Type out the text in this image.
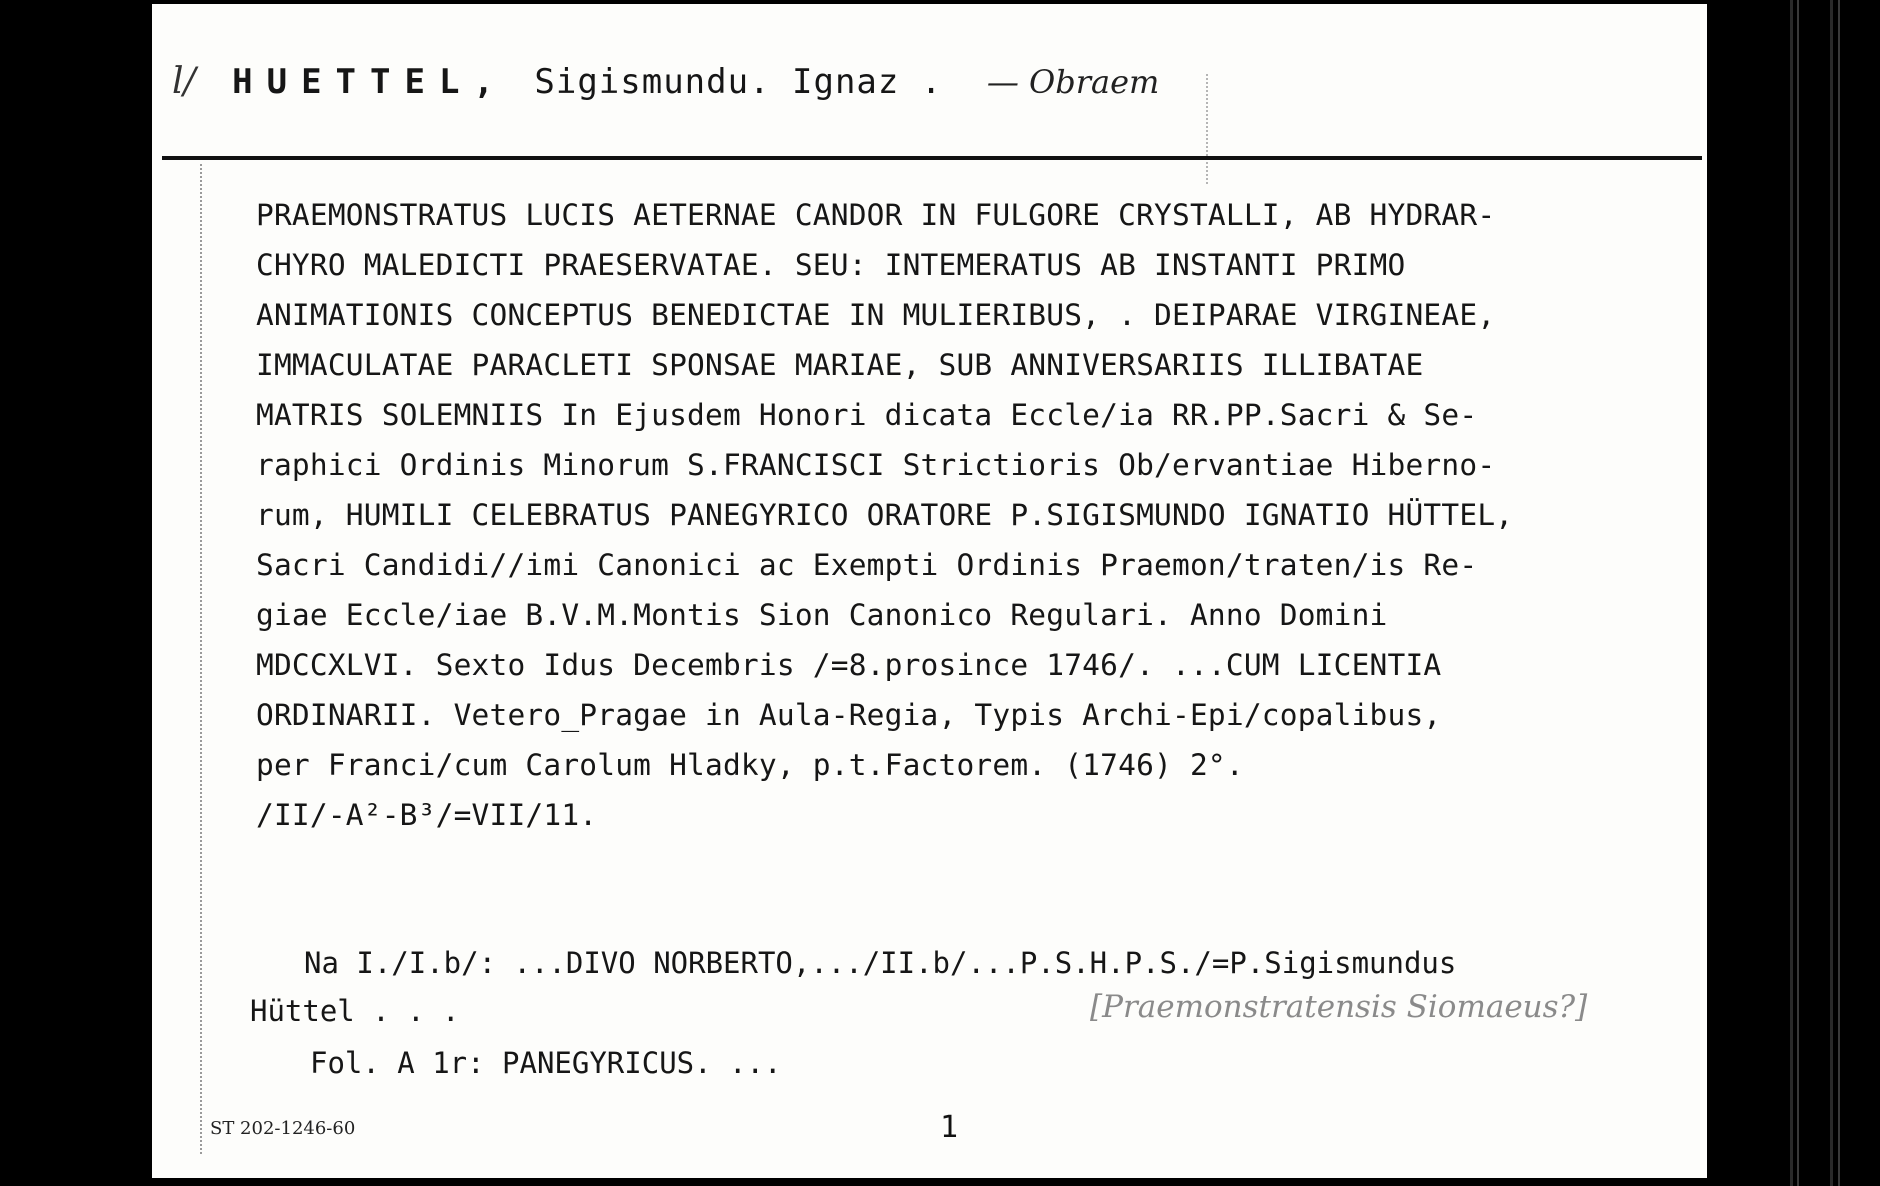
l/ HUETTEL, Sigismundu. Ignaz . — Obraem
PRAEMONSTRATUS LUCIS AETERNAE CANDOR IN FULGORE CRYSTALLI, AB HYDRAR-
CHYRO MALEDICTI PRAESERVATAE. SEU: INTEMERATUS AB INSTANTI PRIMO
ANIMATIONIS CONCEPTUS BENEDICTAE IN MULIERIBUS, . DEIPARAE VIRGINEAE,
IMMACULATAE PARACLETI SPONSAE MARIAE, SUB ANNIVERSARIIS ILLIBATAE
MATRIS SOLEMNIIS In Ejusdem Honori dicata Eccle/ia RR.PP.Sacri & Se-
raphici Ordinis Minorum S.FRANCISCI Strictioris Ob/ervantiae Hiberno-
rum, HUMILI CELEBRATUS PANEGYRICO ORATORE P.SIGISMUNDO IGNATIO HÜTTEL,
Sacri Candidi//imi Canonici ac Exempti Ordinis Praemon/traten/is Re-
giae Eccle/iae B.V.M.Montis Sion Canonico Regulari. Anno Domini
MDCCXLVI. Sexto Idus Decembris /=8.prosince 1746/. ...CUM LICENTIA
ORDINARII. Vetero_Pragae in Aula-Regia, Typis Archi-Epi/copalibus,
per Franci/cum Carolum Hladky, p.t.Factorem. (1746) 2°.
/II/-A²-B³/=VII/11.
Na I./I.b/: ...DIVO NORBERTO,.../II.b/...P.S.H.P.S./=P.Sigismundus
Hüttel . . .	[Praemonstratensis Siomaeus?]
Fol. A 1r: PANEGYRICUS. ...
ST 202-1246-60	1
